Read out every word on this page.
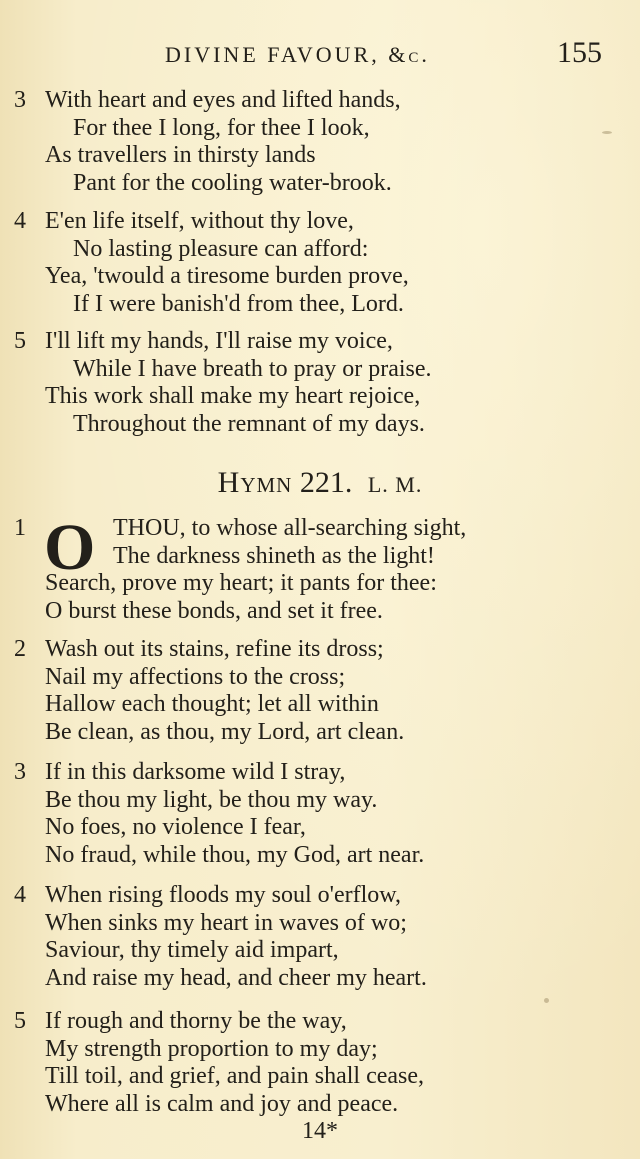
DIVINE FAVOUR, &c.	155
3 With heart and eyes and lifted hands,
For thee I long, for thee I look,
As travellers in thirsty lands
Pant for the cooling water-brook.
4 E'en life itself, without thy love,
No lasting pleasure can afford:
Yea, 'twould a tiresome burden prove,
If I were banish'd from thee, Lord.
5 I'll lift my hands, I'll raise my voice,
While I have breath to pray or praise.
This work shall make my heart rejoice,
Throughout the remnant of my days.
Hymn 221. L. M.
1	THOU, to whose all-searching sight,
The darkness shineth as the light!
Search, prove my heart; it pants for thee:
O burst these bonds, and set it free.
O
2 Wash out its stains, refine its dross;
Nail my affections to the cross;
Hallow each thought; let all within
Be clean, as thou, my Lord, art clean.
3 If in this darksome wild I stray,
Be thou my light, be thou my way.
No foes, no violence I fear,
No fraud, while thou, my God, art near.
4 When rising floods my soul o'erflow,
When sinks my heart in waves of wo;
Saviour, thy timely aid impart,
And raise my head, and cheer my heart.
5 If rough and thorny be the way,
My strength proportion to my day;
Till toil, and grief, and pain shall cease,
Where all is calm and joy and peace.
14*
